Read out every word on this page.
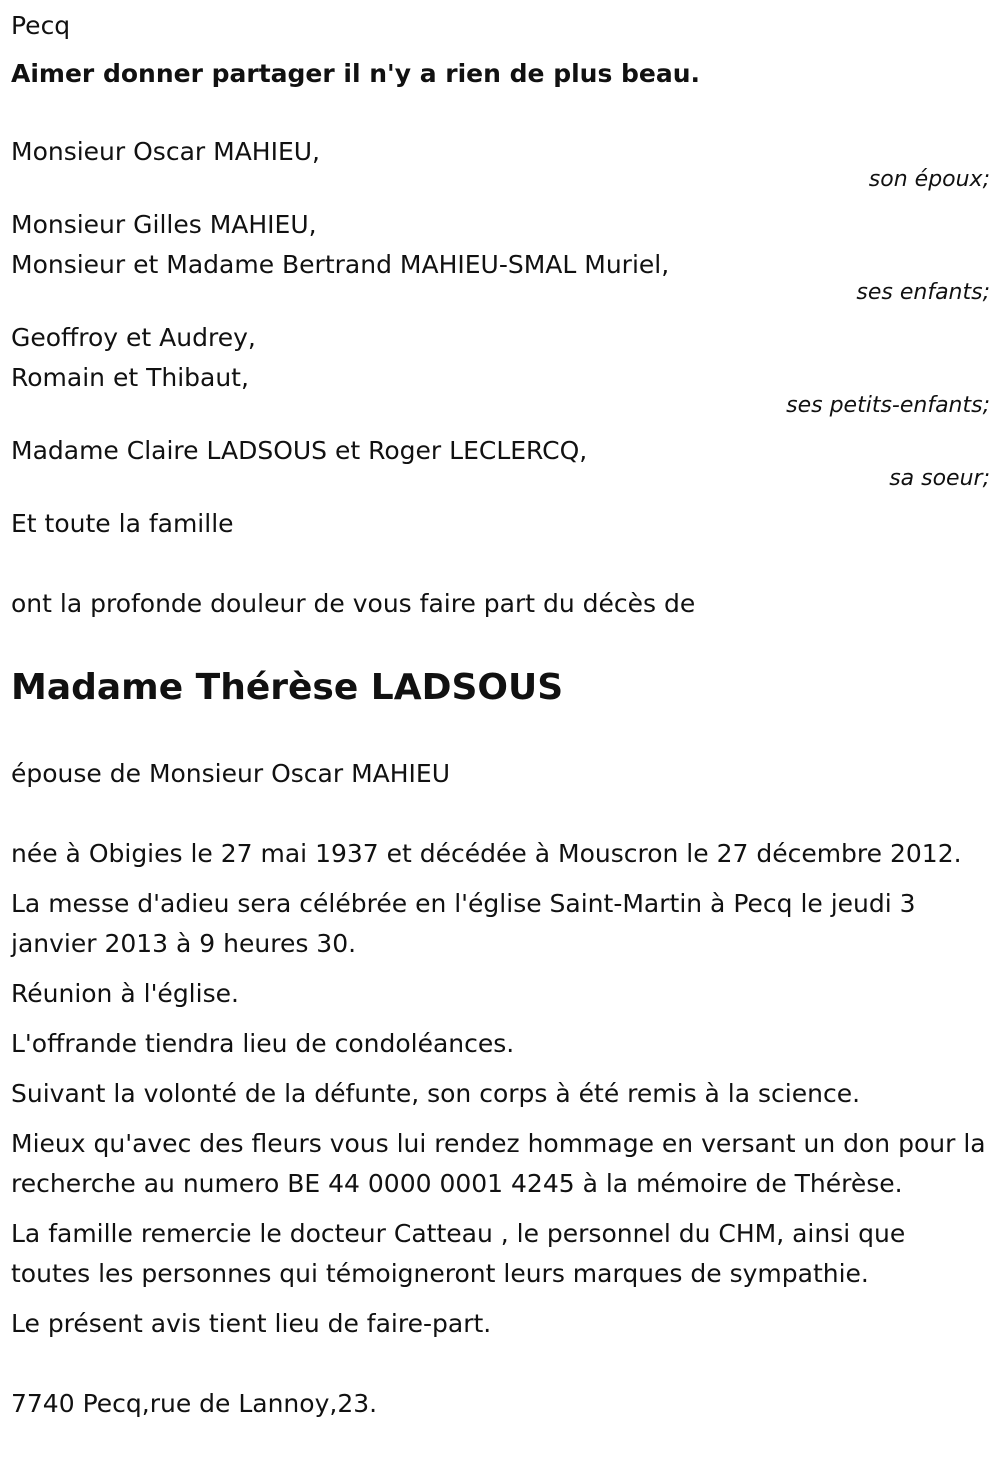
Pecq
Aimer donner partager il n'y a rien de plus beau.
Monsieur Oscar MAHIEU,
son époux;
Monsieur Gilles MAHIEU,
Monsieur et Madame Bertrand MAHIEU-SMAL Muriel,
ses enfants;
Geoffroy et Audrey,
Romain et Thibaut,
ses petits-enfants;
Madame Claire LADSOUS et Roger LECLERCQ,
sa soeur;
Et toute la famille
ont la profonde douleur de vous faire part du décès de
Madame Thérèse LADSOUS
épouse de Monsieur Oscar MAHIEU
née à Obigies le 27 mai 1937 et décédée à Mouscron le 27 décembre 2012.
La messe d'adieu sera célébrée en l'église Saint-Martin à Pecq le jeudi 3 janvier 2013 à 9 heures 30.
Réunion à l'église.
L'offrande tiendra lieu de condoléances.
Suivant la volonté de la défunte, son corps à été remis à la science.
Mieux qu'avec des fleurs vous lui rendez hommage en versant un don pour la recherche au numero BE 44 0000 0001 4245 à la mémoire de Thérèse.
La famille remercie le docteur Catteau , le personnel du CHM, ainsi que toutes les personnes qui témoigneront leurs marques de sympathie.
Le présent avis tient lieu de faire-part.
7740 Pecq,rue de Lannoy,23.
